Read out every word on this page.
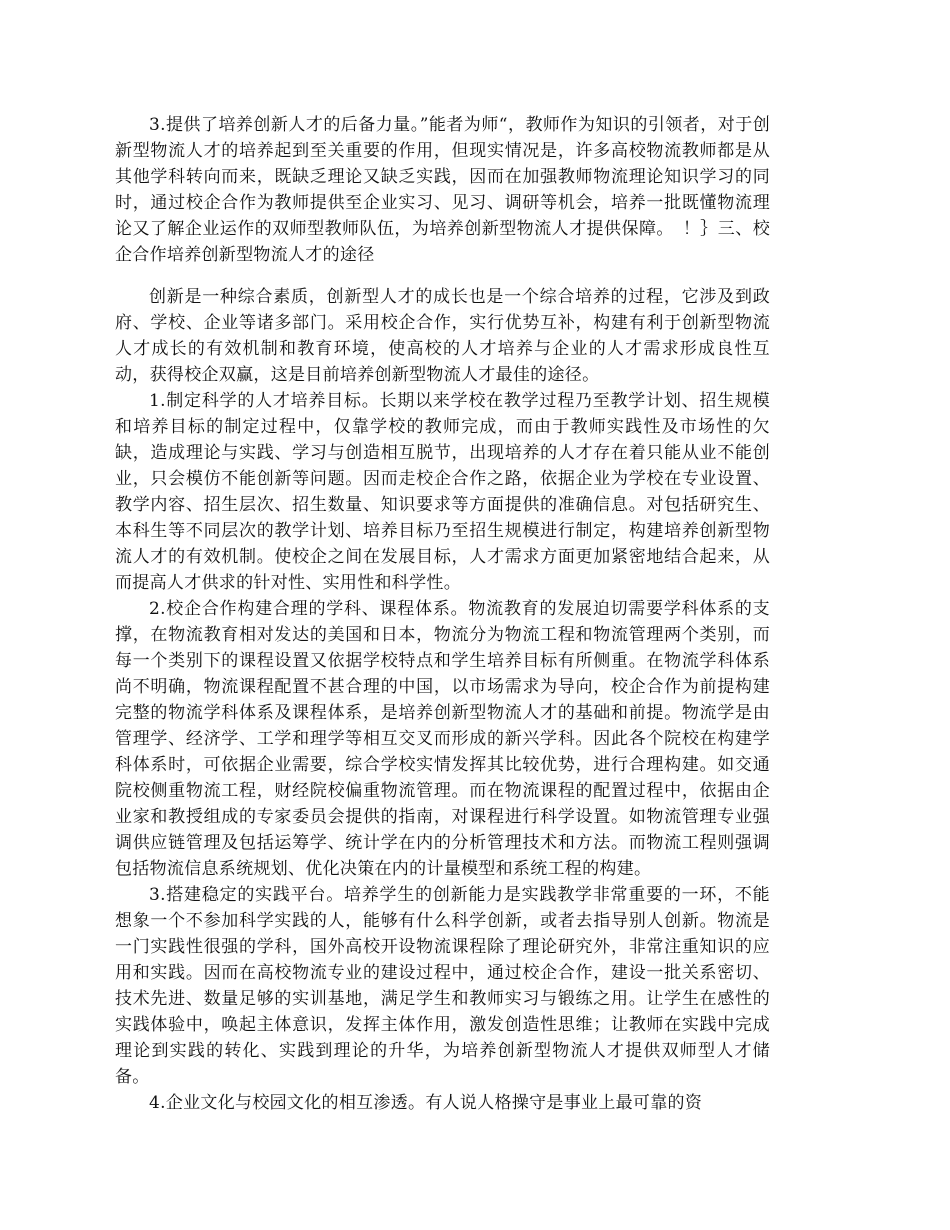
3.提供了培养创新人才的后备力量。”能者为师“，教师作为知识的引领者，对于创新型物流人才的培养起到至关重要的作用，但现实情况是，许多高校物流教师都是从其他学科转向而来，既缺乏理论又缺乏实践，因而在加强教师物流理论知识学习的同时，通过校企合作为教师提供至企业实习、见习、调研等机会，培养一批既懂物流理论又了解企业运作的双师型教师队伍，为培养创新型物流人才提供保障。　！｝三、校企合作培养创新型物流人才的途径

创新是一种综合素质，创新型人才的成长也是一个综合培养的过程，它涉及到政府、学校、企业等诸多部门。采用校企合作，实行优势互补，构建有利于创新型物流人才成长的有效机制和教育环境，使高校的人才培养与企业的人才需求形成良性互动，获得校企双赢，这是目前培养创新型物流人才最佳的途径。

1.制定科学的人才培养目标。长期以来学校在教学过程乃至教学计划、招生规模和培养目标的制定过程中，仅靠学校的教师完成，而由于教师实践性及市场性的欠缺，造成理论与实践、学习与创造相互脱节，出现培养的人才存在着只能从业不能创业，只会模仿不能创新等问题。因而走校企合作之路，依据企业为学校在专业设置、教学内容、招生层次、招生数量、知识要求等方面提供的准确信息。对包括研究生、本科生等不同层次的教学计划、培养目标乃至招生规模进行制定，构建培养创新型物流人才的有效机制。使校企之间在发展目标，人才需求方面更加紧密地结合起来，从而提高人才供求的针对性、实用性和科学性。

2.校企合作构建合理的学科、课程体系。物流教育的发展迫切需要学科体系的支撑，在物流教育相对发达的美国和日本，物流分为物流工程和物流管理两个类别，而每一个类别下的课程设置又依据学校特点和学生培养目标有所侧重。在物流学科体系尚不明确，物流课程配置不甚合理的中国，以市场需求为导向，校企合作为前提构建完整的物流学科体系及课程体系，是培养创新型物流人才的基础和前提。物流学是由管理学、经济学、工学和理学等相互交叉而形成的新兴学科。因此各个院校在构建学科体系时，可依据企业需要，综合学校实情发挥其比较优势，进行合理构建。如交通院校侧重物流工程，财经院校偏重物流管理。而在物流课程的配置过程中，依据由企业家和教授组成的专家委员会提供的指南，对课程进行科学设置。如物流管理专业强调供应链管理及包括运筹学、统计学在内的分析管理技术和方法。而物流工程则强调包括物流信息系统规划、优化决策在内的计量模型和系统工程的构建。

3.搭建稳定的实践平台。培养学生的创新能力是实践教学非常重要的一环，不能想象一个不参加科学实践的人，能够有什么科学创新，或者去指导别人创新。物流是一门实践性很强的学科，国外高校开设物流课程除了理论研究外，非常注重知识的应用和实践。因而在高校物流专业的建设过程中，通过校企合作，建设一批关系密切、技术先进、数量足够的实训基地，满足学生和教师实习与锻练之用。让学生在感性的实践体验中，唤起主体意识，发挥主体作用，激发创造性思维；让教师在实践中完成理论到实践的转化、实践到理论的升华，为培养创新型物流人才提供双师型人才储备。

4.企业文化与校园文化的相互渗透。有人说人格操守是事业上最可靠的资
